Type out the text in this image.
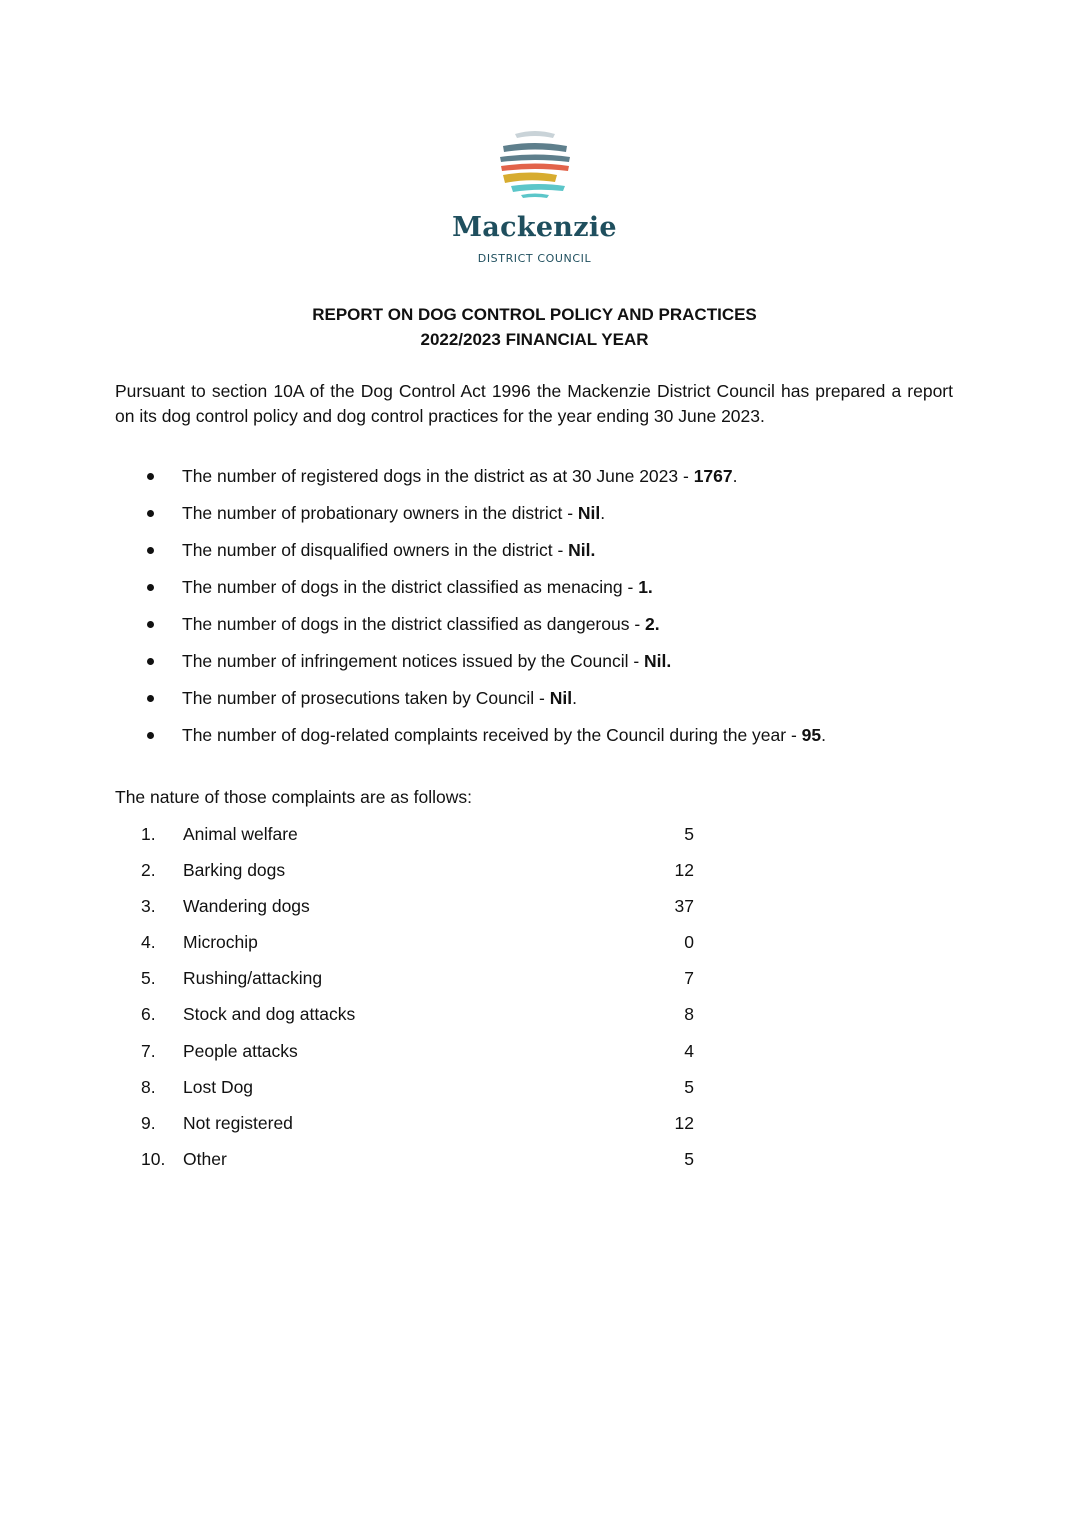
Mackenzie
DISTRICT COUNCIL
REPORT ON DOG CONTROL POLICY AND PRACTICES
2022/2023 FINANCIAL YEAR

Pursuant to section 10A of the Dog Control Act 1996 the Mackenzie District Council has prepared a report on its dog control policy and dog control practices for the year ending 30 June 2023.

The number of registered dogs in the district as at 30 June 2023 - 1767.
The number of probationary owners in the district - Nil.
The number of disqualified owners in the district - Nil.
The number of dogs in the district classified as menacing - 1.
The number of dogs in the district classified as dangerous - 2.
The number of infringement notices issued by the Council - Nil.
The number of prosecutions taken by Council - Nil.
The number of dog-related complaints received by the Council during the year - 95.
The nature of those complaints are as follows:
1. Animal welfare	5
2. Barking dogs	12
3. Wandering dogs	37
4. Microchip	0
5. Rushing/attacking	7
6. Stock and dog attacks	8
7. People attacks	4
8. Lost Dog	5
9. Not registered	12
10. Other	5
